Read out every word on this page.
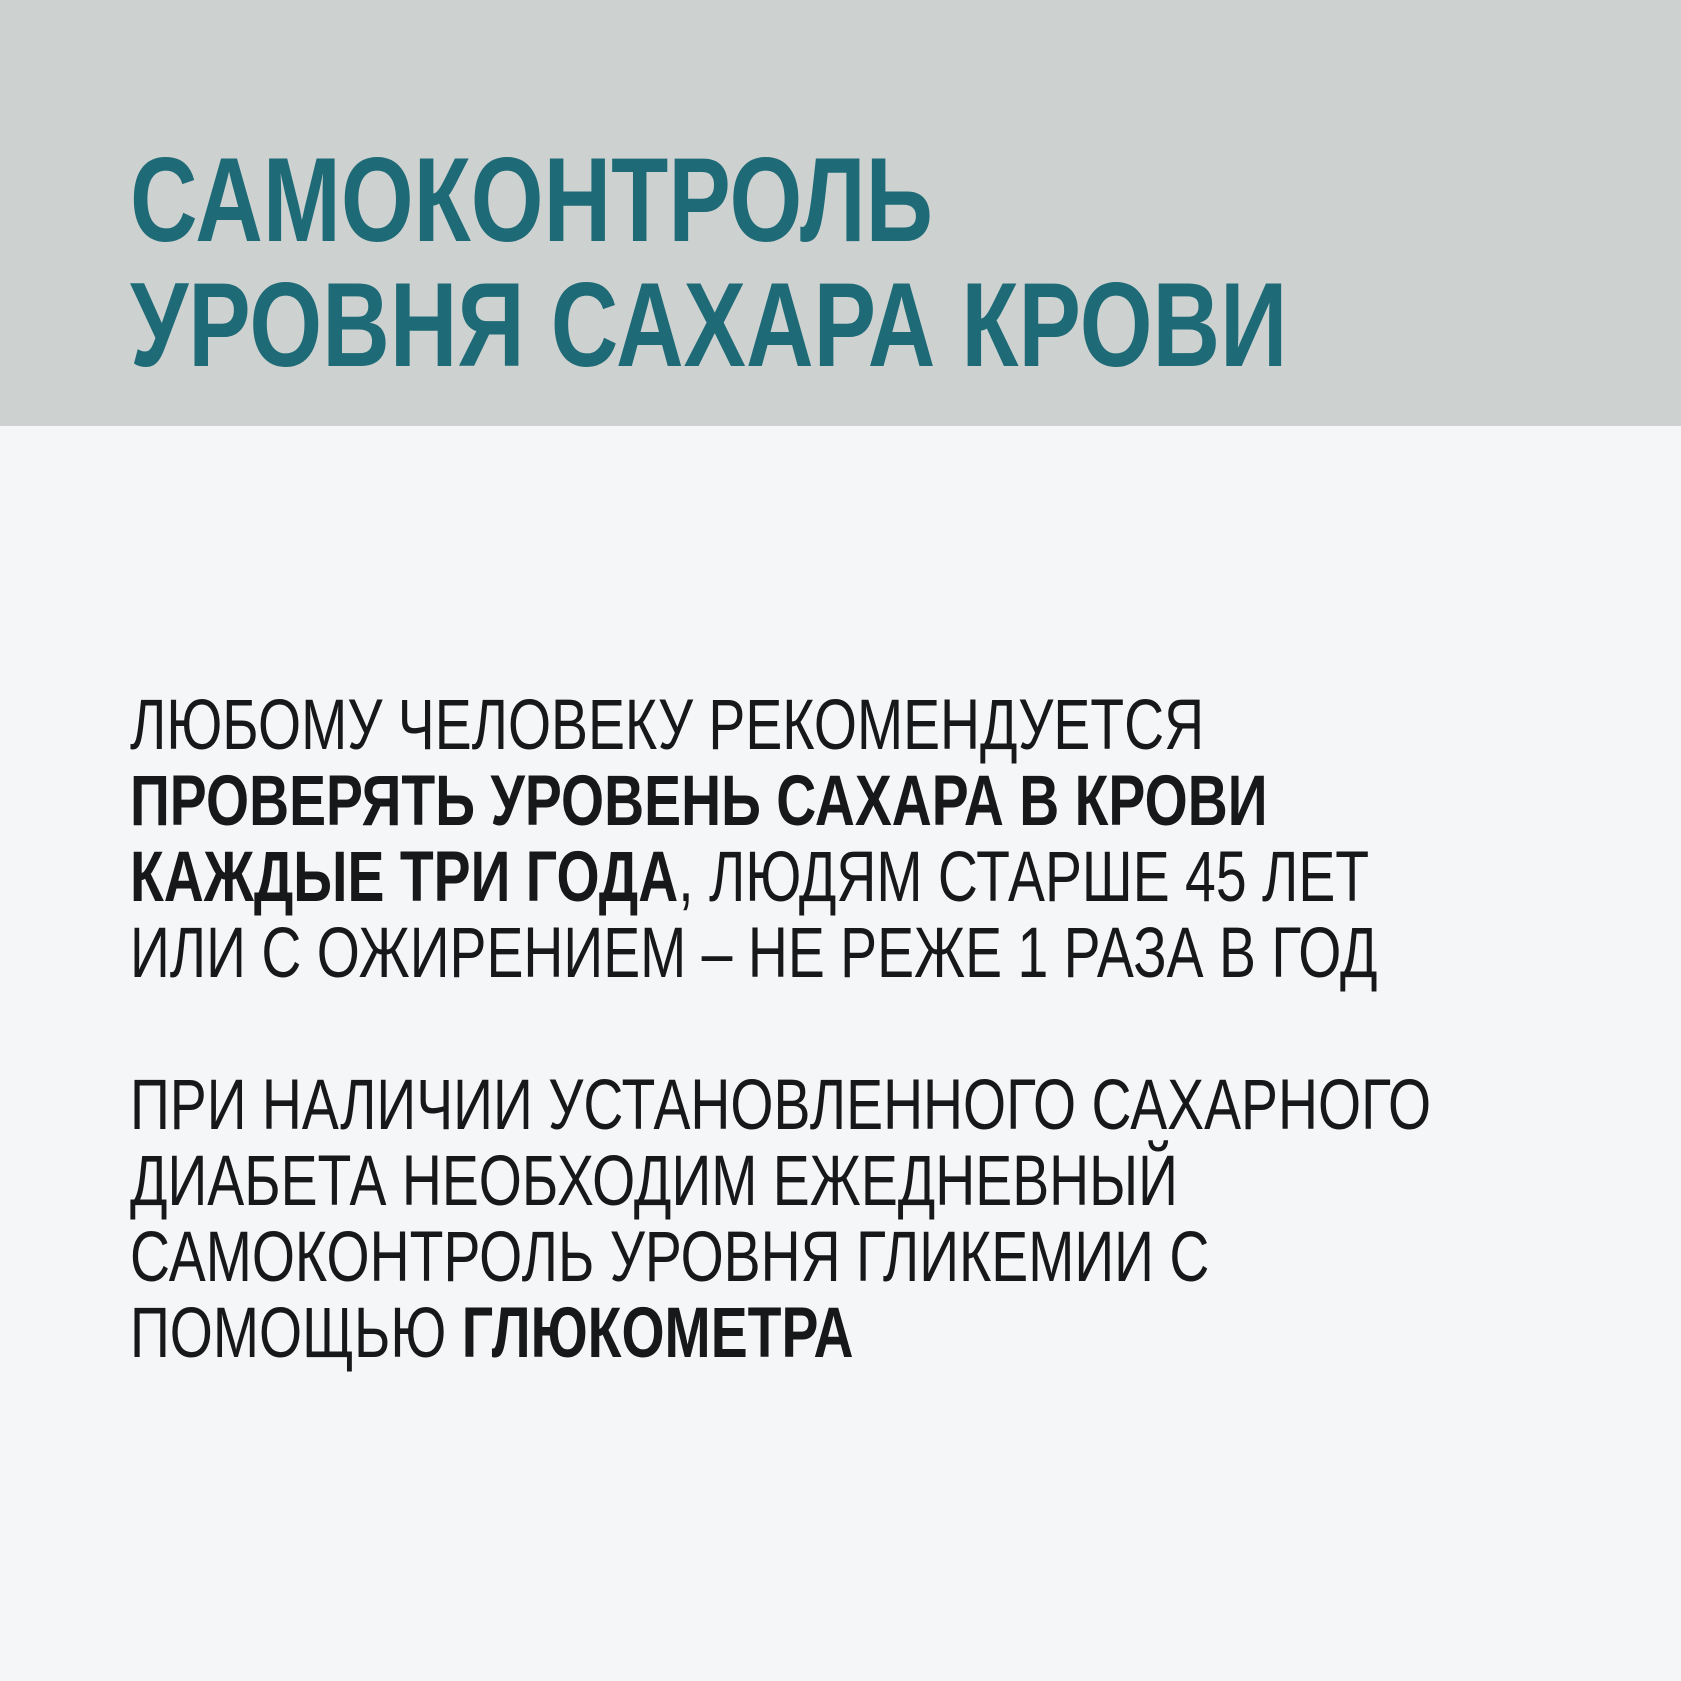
САМОКОНТРОЛЬ
УРОВНЯ САХАРА КРОВИ

ЛЮБОМУ ЧЕЛОВЕКУ РЕКОМЕНДУЕТСЯ
ПРОВЕРЯТЬ УРОВЕНЬ САХАРА В КРОВИ
КАЖДЫЕ ТРИ ГОДА, ЛЮДЯМ СТАРШЕ 45 ЛЕТ
ИЛИ С ОЖИРЕНИЕМ – НЕ РЕЖЕ 1 РАЗА В ГОД

ПРИ НАЛИЧИИ УСТАНОВЛЕННОГО САХАРНОГО
ДИАБЕТА НЕОБХОДИМ ЕЖЕДНЕВНЫЙ
САМОКОНТРОЛЬ УРОВНЯ ГЛИКЕМИИ С
ПОМОЩЬЮ ГЛЮКОМЕТРА
